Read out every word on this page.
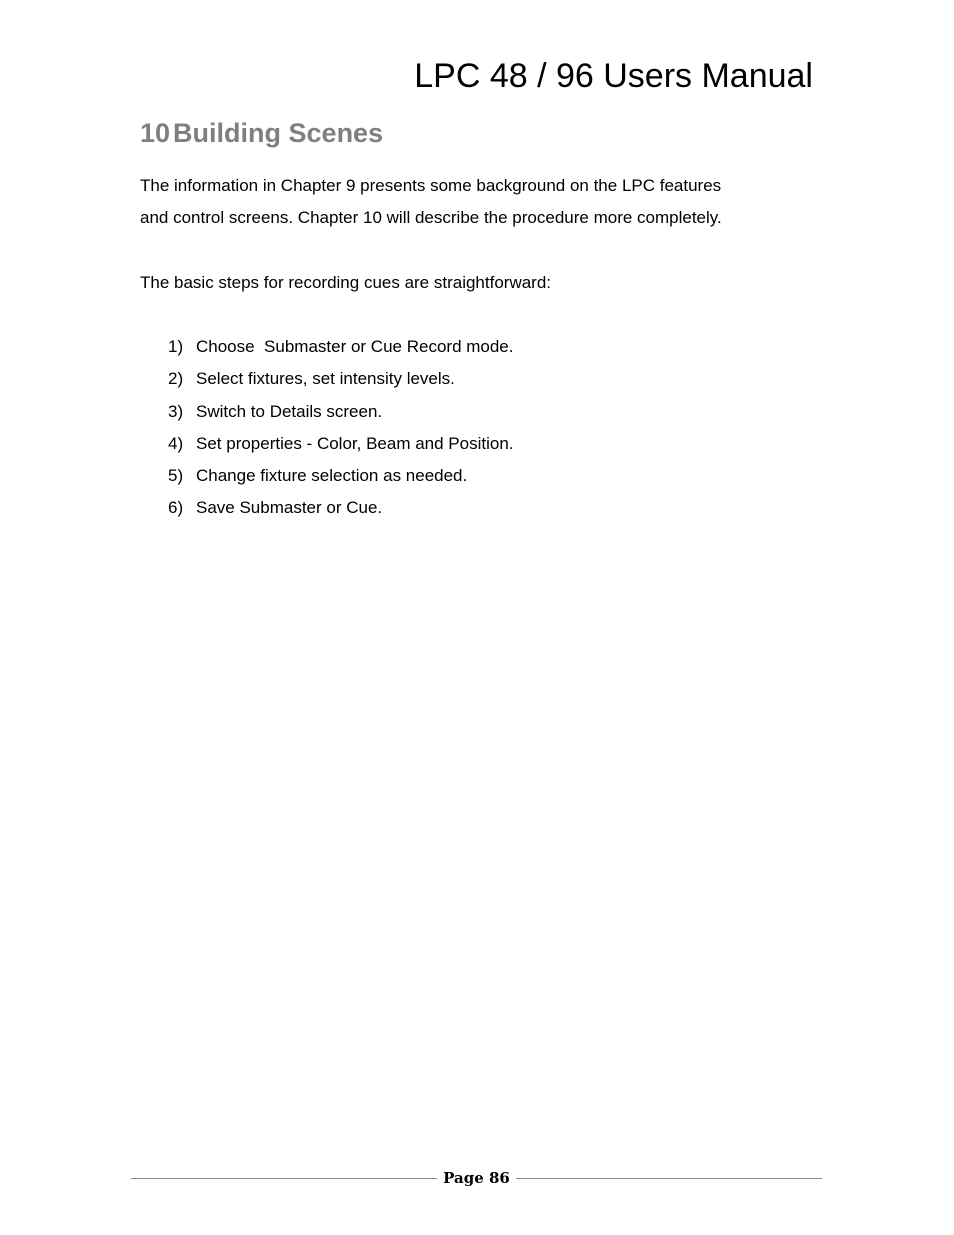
LPC 48 / 96 Users Manual
10 Building Scenes
The information in Chapter 9 presents some background on the LPC features
and control screens. Chapter 10 will describe the procedure more completely.
The basic steps for recording cues are straightforward:
1) Choose  Submaster or Cue Record mode.
2) Select fixtures, set intensity levels.
3) Switch to Details screen.
4) Set properties - Color, Beam and Position.
5) Change fixture selection as needed.
6) Save Submaster or Cue.
Page 86
